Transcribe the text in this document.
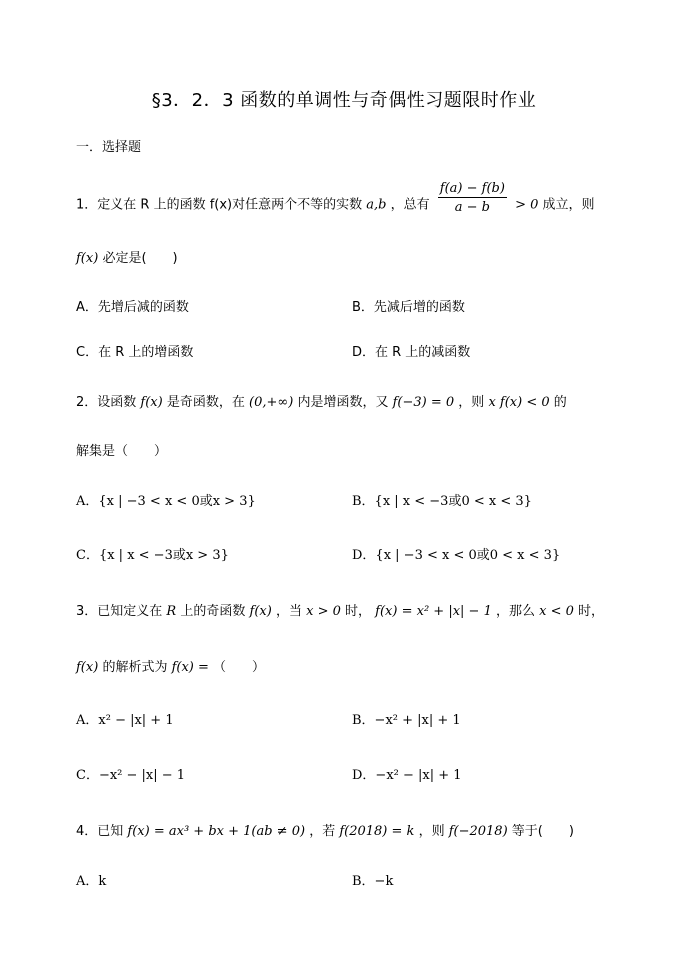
§3．2．3 函数的单调性与奇偶性习题限时作业
一．选择题
1．定义在 R 上的函数 f(x)对任意两个不等的实数 a,b ，总有 $\frac{f(a) - f(b)}{a - b} > 0$ 成立，则
f(x) 必定是(　　)
A．先增后减的函数	B．先减后增的函数
C．在 R 上的增函数	D．在 R 上的减函数
2．设函数 f(x) 是奇函数，在 (0,+∞) 内是增函数，又 f(−3) = 0 ，则 x f(x) < 0 的
解集是（　　）
A．{x | −3 < x < 0或x > 3}	B．{x | x < −3或0 < x < 3}
C．{x | x < −3或x > 3}	D．{x | −3 < x < 0或0 < x < 3}
3．已知定义在 R 上的奇函数 f(x) ，当 x > 0 时， f(x) = x² + |x| − 1 ，那么 x < 0 时，
f(x) 的解析式为 f(x) = （　　）
A．x² − |x| + 1	B．−x² + |x| + 1
C．−x² − |x| − 1	D．−x² − |x| + 1
4．已知 f(x) = ax³ + bx + 1(ab ≠ 0) ，若 f(2018) = k ，则 f(−2018) 等于(　　)
A．k	B．−k
